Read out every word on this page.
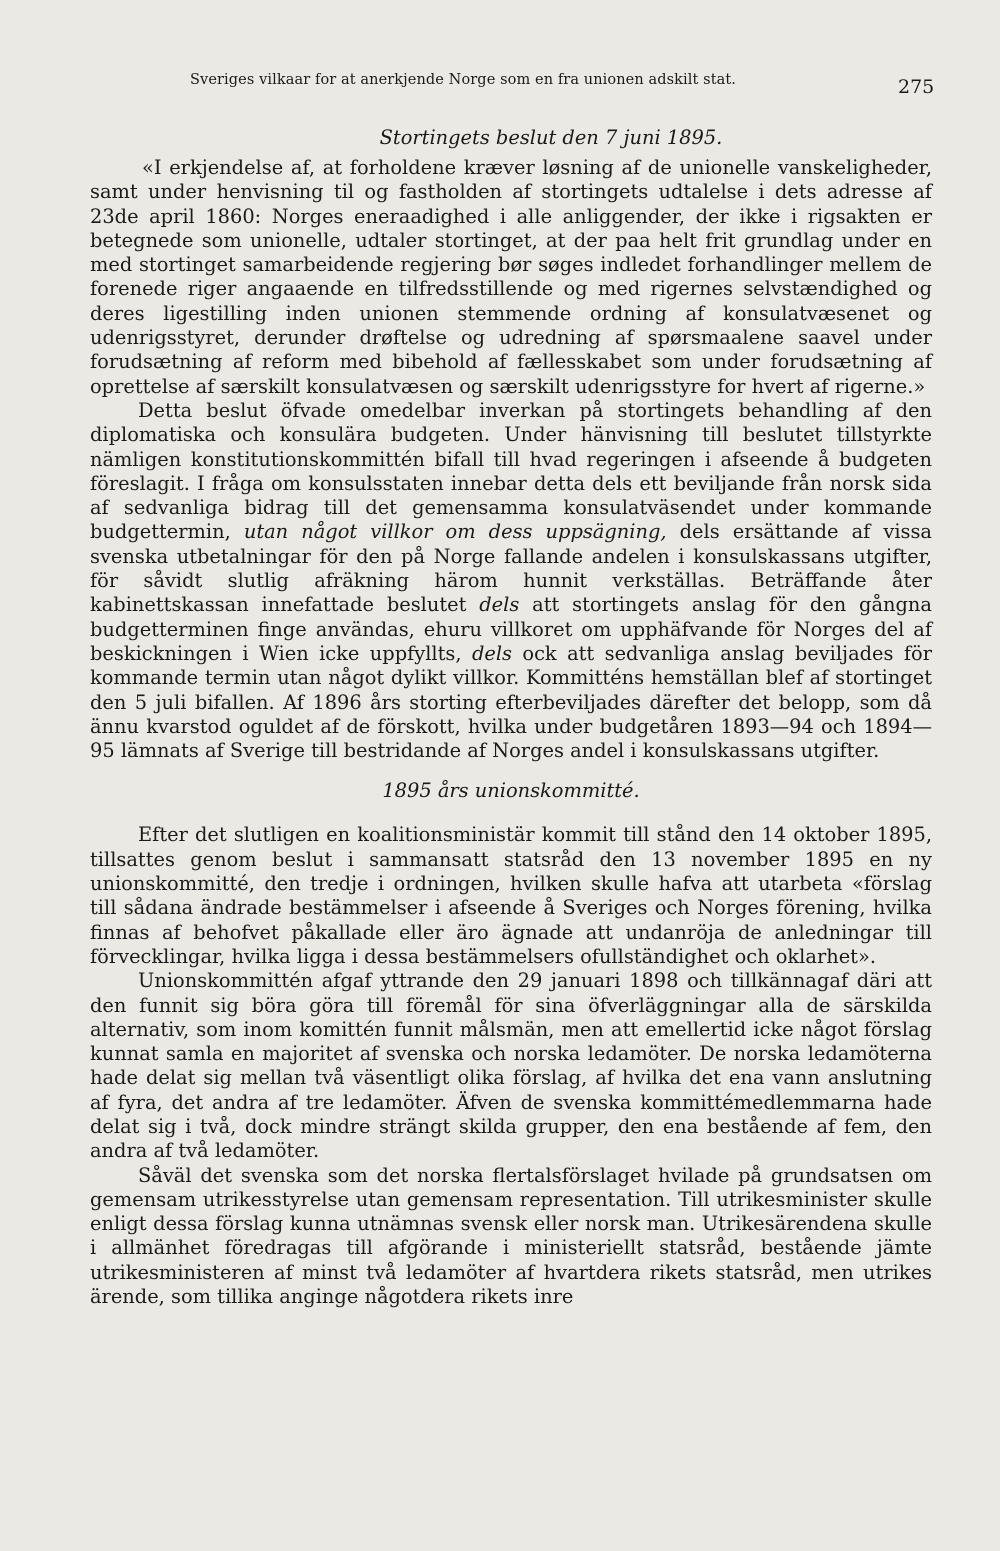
Sveriges vilkaar for at anerkjende Norge som en fra unionen adskilt stat.	275

Stortingets beslut den 7 juni 1895.

«I erkjendelse af, at forholdene kræver løsning af de unionelle vanskeligheder, samt under henvisning til og fastholden af stortingets udtalelse i dets adresse af 23de april 1860: Norges eneraadighed i alle anliggender, der ikke i rigsakten er betegnede som unionelle, udtaler stortinget, at der paa helt frit grundlag under en med stortinget samarbeidende regjering bør søges indledet forhandlinger mellem de forenede riger angaaende en tilfredsstillende og med rigernes selvstændighed og deres ligestilling inden unionen stemmende ordning af konsulatvæsenet og udenrigsstyret, derunder drøftelse og udredning af spørsmaalene saavel under forudsætning af reform med bibehold af fællesskabet som under forudsætning af oprettelse af særskilt konsulatvæsen og særskilt udenrigsstyre for hvert af rigerne.»

Detta beslut öfvade omedelbar inverkan på stortingets behandling af den diplomatiska och konsulära budgeten. Under hänvisning till beslutet tillstyrkte nämligen konstitutionskommittén bifall till hvad regeringen i afseende å budgeten föreslagit. I fråga om konsulsstaten innebar detta dels ett beviljande från norsk sida af sedvanliga bidrag till det gemensamma konsulatväsendet under kommande budgettermin, utan något villkor om dess uppsägning, dels ersättande af vissa svenska utbetalningar för den på Norge fallande andelen i konsulskassans utgifter, för såvidt slutlig afräkning härom hunnit verkställas. Beträffande åter kabinettskassan innefattade beslutet dels att stortingets anslag för den gångna budgetterminen finge användas, ehuru villkoret om upphäfvande för Norges del af beskickningen i Wien icke uppfyllts, dels ock att sedvanliga anslag beviljades för kommande termin utan något dylikt villkor. Kommitténs hemställan blef af stortinget den 5 juli bifallen. Af 1896 års storting efterbeviljades därefter det belopp, som då ännu kvarstod oguldet af de förskott, hvilka under budgetåren 1893—94 och 1894—95 lämnats af Sverige till bestridande af Norges andel i konsulskassans utgifter.

1895 års unionskommitté.

Efter det slutligen en koalitionsministär kommit till stånd den 14 oktober 1895, tillsattes genom beslut i sammansatt statsråd den 13 november 1895 en ny unionskommitté, den tredje i ordningen, hvilken skulle hafva att utarbeta «förslag till sådana ändrade bestämmelser i afseende å Sveriges och Norges förening, hvilka finnas af behofvet påkallade eller äro ägnade att undanröja de anledningar till förvecklingar, hvilka ligga i dessa bestämmelsers ofullständighet och oklarhet».

Unionskommittén afgaf yttrande den 29 januari 1898 och tillkännagaf däri att den funnit sig böra göra till föremål för sina öfverläggningar alla de särskilda alternativ, som inom komittén funnit målsmän, men att emellertid icke något förslag kunnat samla en majoritet af svenska och norska ledamöter. De norska ledamöterna hade delat sig mellan två väsentligt olika förslag, af hvilka det ena vann anslutning af fyra, det andra af tre ledamöter. Äfven de svenska kommittémedlemmarna hade delat sig i två, dock mindre strängt skilda grupper, den ena bestående af fem, den andra af två ledamöter.

Såväl det svenska som det norska flertalsförslaget hvilade på grundsatsen om gemensam utrikesstyrelse utan gemensam representation. Till utrikesminister skulle enligt dessa förslag kunna utnämnas svensk eller norsk man. Utrikesärendena skulle i allmänhet föredragas till afgörande i ministeriellt statsråd, bestående jämte utrikesministeren af minst två ledamöter af hvartdera rikets statsråd, men utrikes ärende, som tillika anginge någotdera rikets inre
